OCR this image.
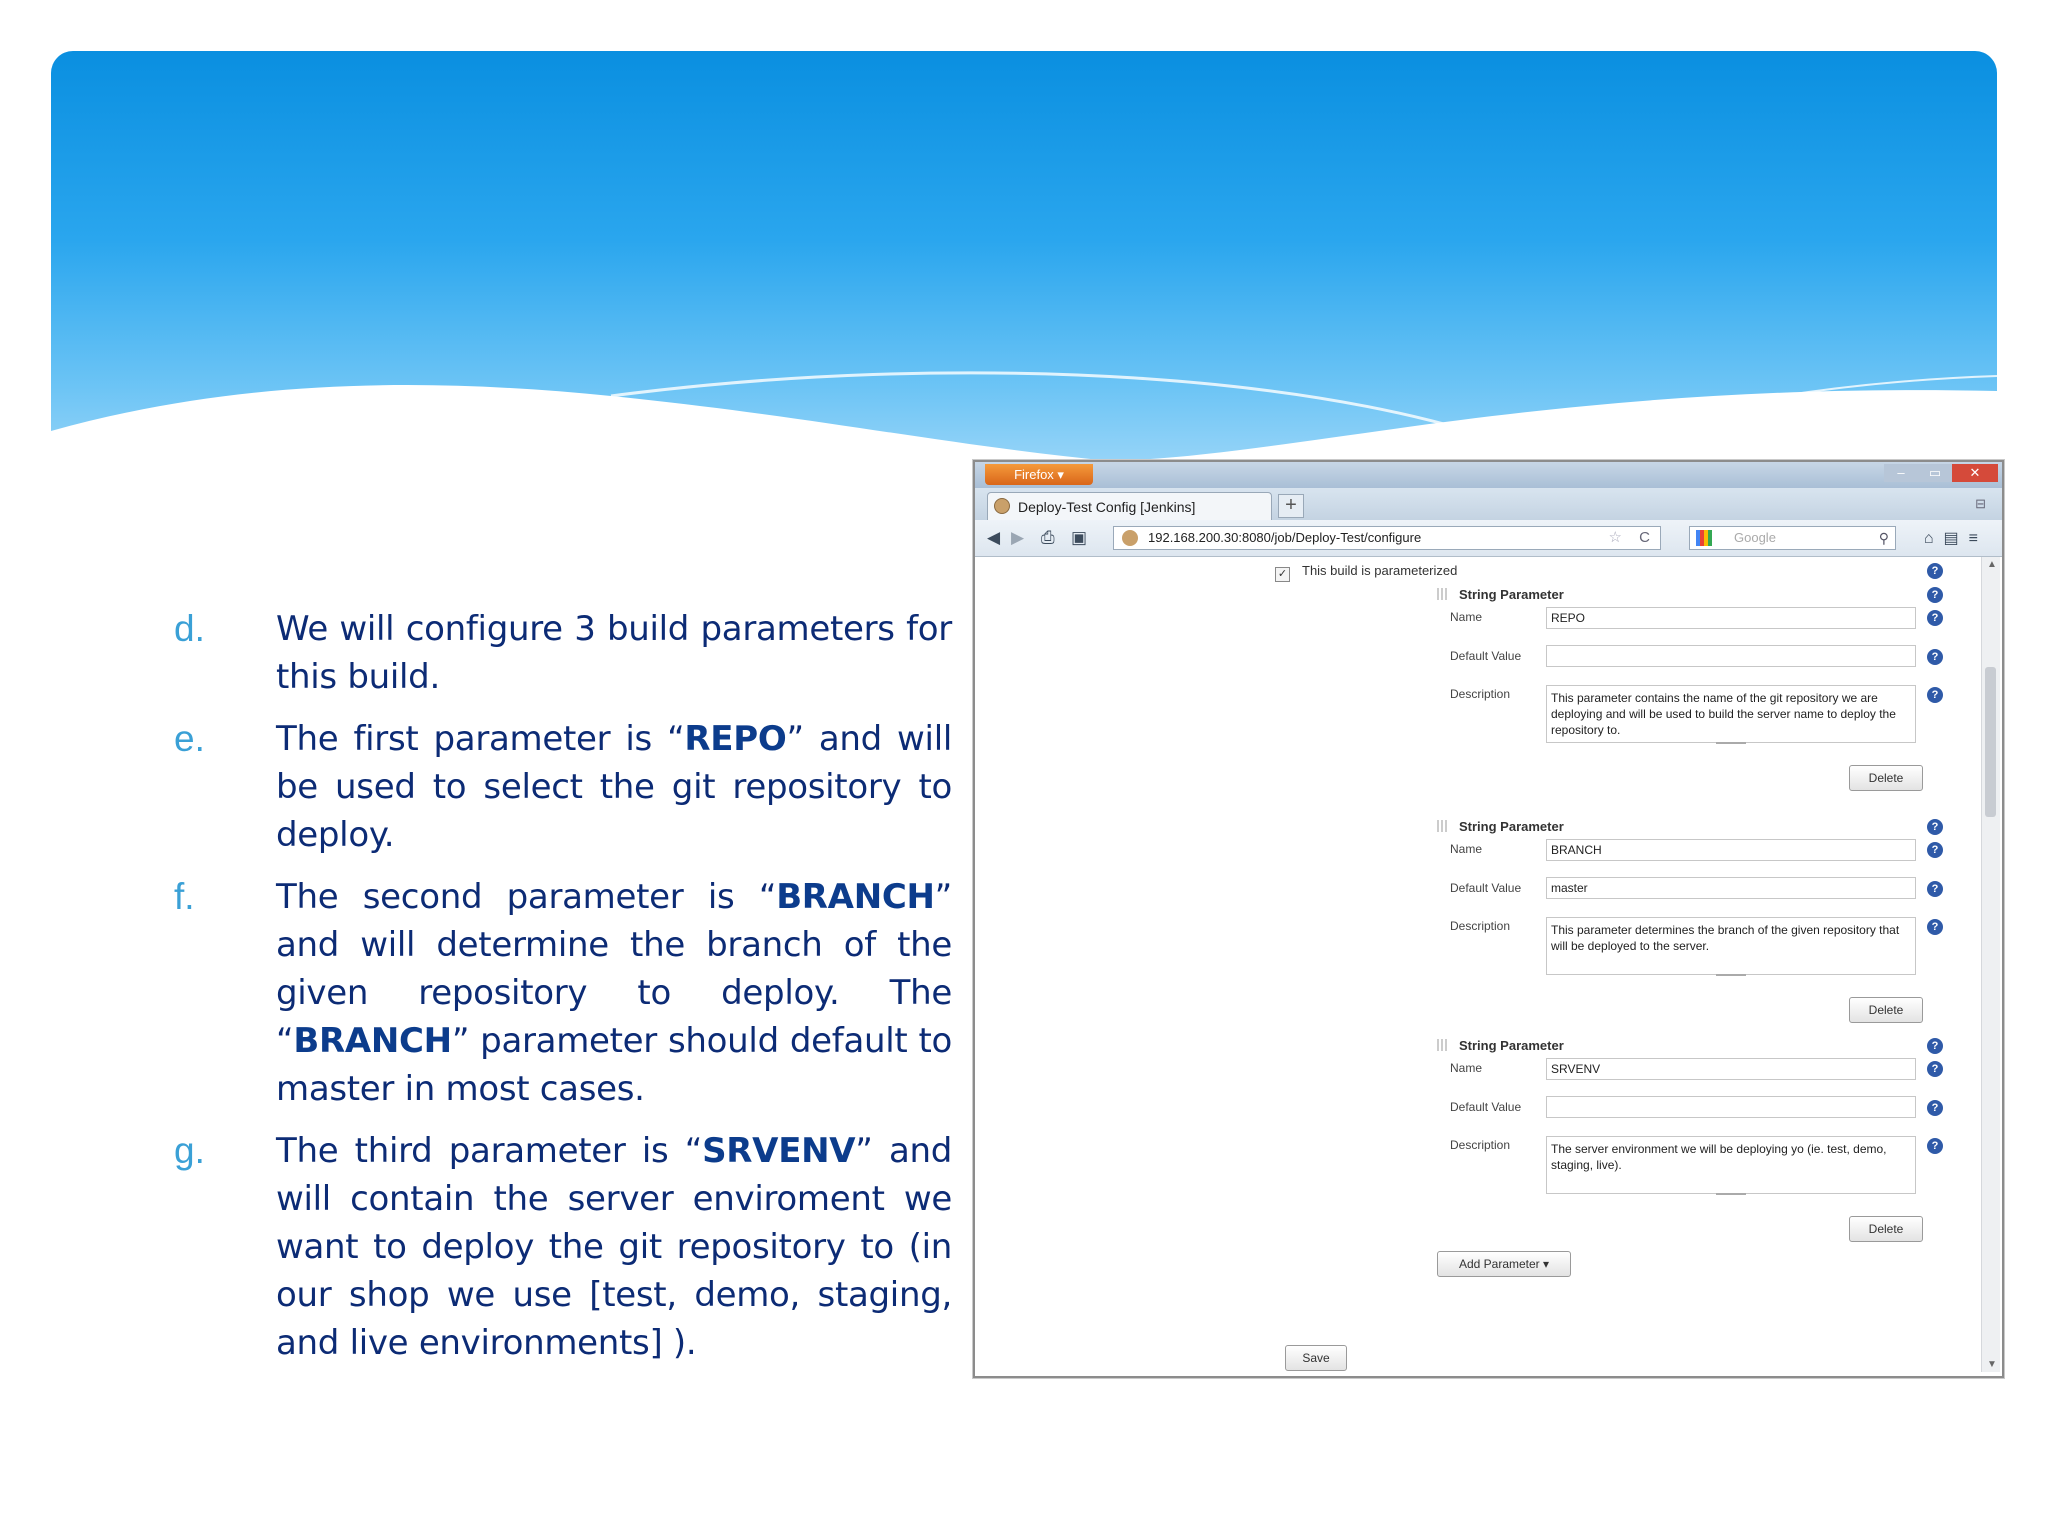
d. We will configure 3 build parameters for this build.
e. The first parameter is “REPO” and will be used to select the git repository to deploy.
f. The second parameter is “BRANCH” and will determine the branch of the given repository to deploy. The “BRANCH” parameter should default to master in most cases.
g. The third parameter is “SRVENV” and will contain the server enviroment we want to deploy the git repository to (in our shop we use [test, demo, staging, and live environments] ).
Firefox ▾	–	▭	✕
Deploy-Test Config [Jenkins]	+	⊟
◀ ▶ ⎙ ▣	192.168.200.30:8080/job/Deploy-Test/configure	☆ C	Google	⚲ ⌂▤≡
✓ This build is parameterized	?
String Parameter	?
Name	REPO	?
Default Value	?
Description	This parameter contains the name of the git repository we are deploying and will be used to build the server name to deploy the repository to.
?
Delete
String Parameter	?
Name	BRANCH	?
Default Value	master	?
Description	This parameter determines the branch of the given repository that will be deployed to the server.
?
Delete
String Parameter	?
Name	SRVENV	?
Default Value	?
Description	The server environment we will be deploying yo (ie. test, demo, staging, live).
?
Delete
Add Parameter ▾
Save
▲
▼
